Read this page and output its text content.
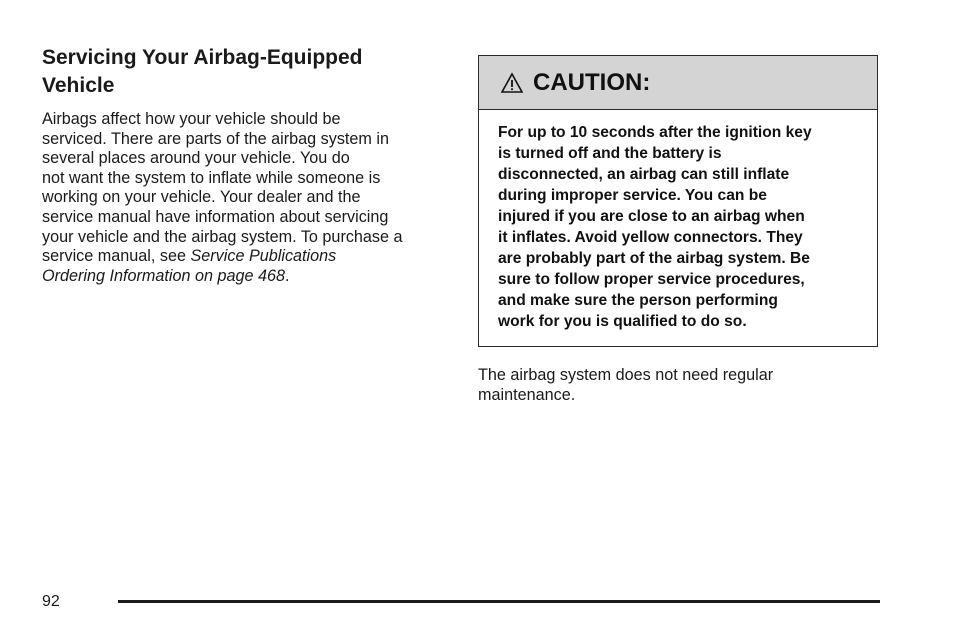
Servicing Your Airbag-Equipped
Vehicle

Airbags affect how your vehicle should be
serviced. There are parts of the airbag system in
several places around your vehicle. You do
not want the system to inflate while someone is
working on your vehicle. Your dealer and the
service manual have information about servicing
your vehicle and the airbag system. To purchase a
service manual, see Service Publications
Ordering Information on page 468.

CAUTION:
For up to 10 seconds after the ignition key
is turned off and the battery is
disconnected, an airbag can still inflate
during improper service. You can be
injured if you are close to an airbag when
it inflates. Avoid yellow connectors. They
are probably part of the airbag system. Be
sure to follow proper service procedures,
and make sure the person performing
work for you is qualified to do so.
The airbag system does not need regular
maintenance.
92
